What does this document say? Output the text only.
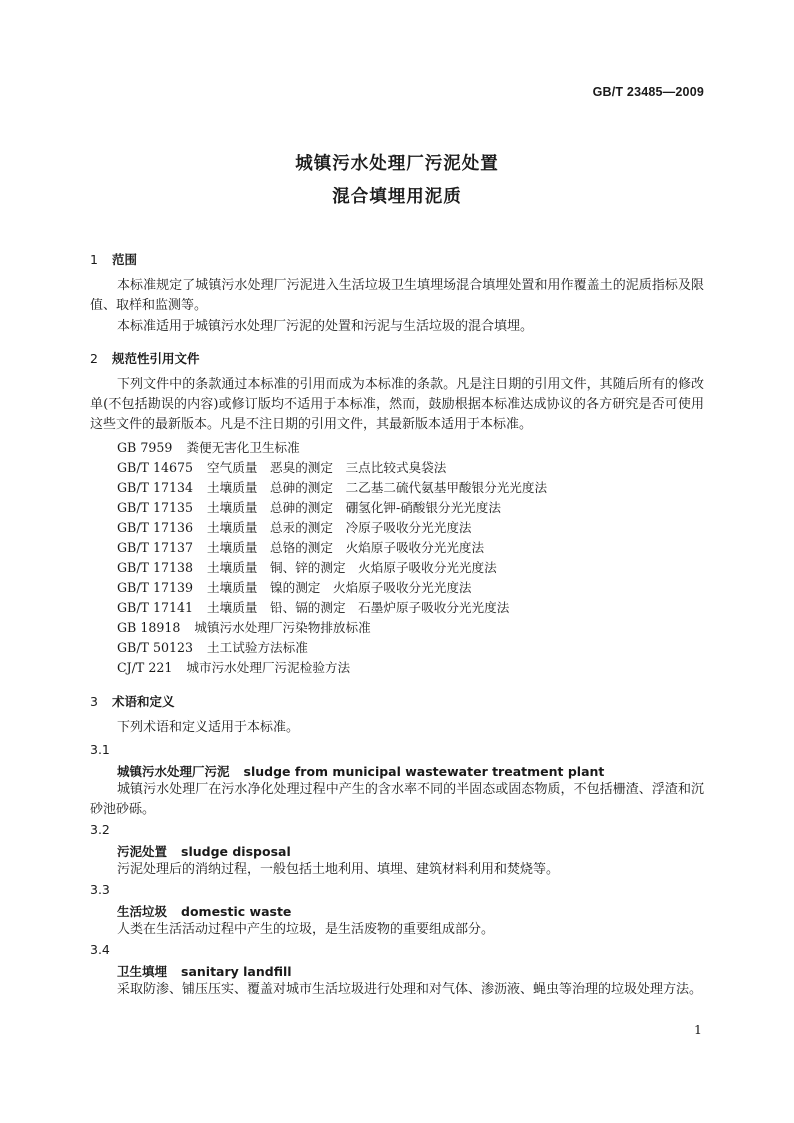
GB/T 23485—2009
城镇污水处理厂污泥处置
混合填埋用泥质
1 范围
本标准规定了城镇污水处理厂污泥进入生活垃圾卫生填埋场混合填埋处置和用作覆盖土的泥质指标及限值、取样和监测等。
本标准适用于城镇污水处理厂污泥的处置和污泥与生活垃圾的混合填埋。
2 规范性引用文件
下列文件中的条款通过本标准的引用而成为本标准的条款。凡是注日期的引用文件，其随后所有的修改单(不包括勘误的内容)或修订版均不适用于本标准，然而，鼓励根据本标准达成协议的各方研究是否可使用这些文件的最新版本。凡是不注日期的引用文件，其最新版本适用于本标准。
GB 7959 粪便无害化卫生标准
GB/T 14675 空气质量　恶臭的测定　三点比较式臭袋法
GB/T 17134 土壤质量　总砷的测定　二乙基二硫代氨基甲酸银分光光度法
GB/T 17135 土壤质量　总砷的测定　硼氢化钾-硝酸银分光光度法
GB/T 17136 土壤质量　总汞的测定　冷原子吸收分光光度法
GB/T 17137 土壤质量　总铬的测定　火焰原子吸收分光光度法
GB/T 17138 土壤质量　铜、锌的测定　火焰原子吸收分光光度法
GB/T 17139 土壤质量　镍的测定　火焰原子吸收分光光度法
GB/T 17141 土壤质量　铅、镉的测定　石墨炉原子吸收分光光度法
GB 18918 城镇污水处理厂污染物排放标准
GB/T 50123 土工试验方法标准
CJ/T 221 城市污水处理厂污泥检验方法
3 术语和定义
下列术语和定义适用于本标准。
3.1
城镇污水处理厂污泥 sludge from municipal wastewater treatment plant
城镇污水处理厂在污水净化处理过程中产生的含水率不同的半固态或固态物质，不包括栅渣、浮渣和沉砂池砂砾。
3.2
污泥处置 sludge disposal
污泥处理后的消纳过程，一般包括土地利用、填埋、建筑材料利用和焚烧等。
3.3
生活垃圾 domestic waste
人类在生活活动过程中产生的垃圾，是生活废物的重要组成部分。
3.4
卫生填埋 sanitary landfill
采取防渗、铺压压实、覆盖对城市生活垃圾进行处理和对气体、渗沥液、蝇虫等治理的垃圾处理方法。
1
